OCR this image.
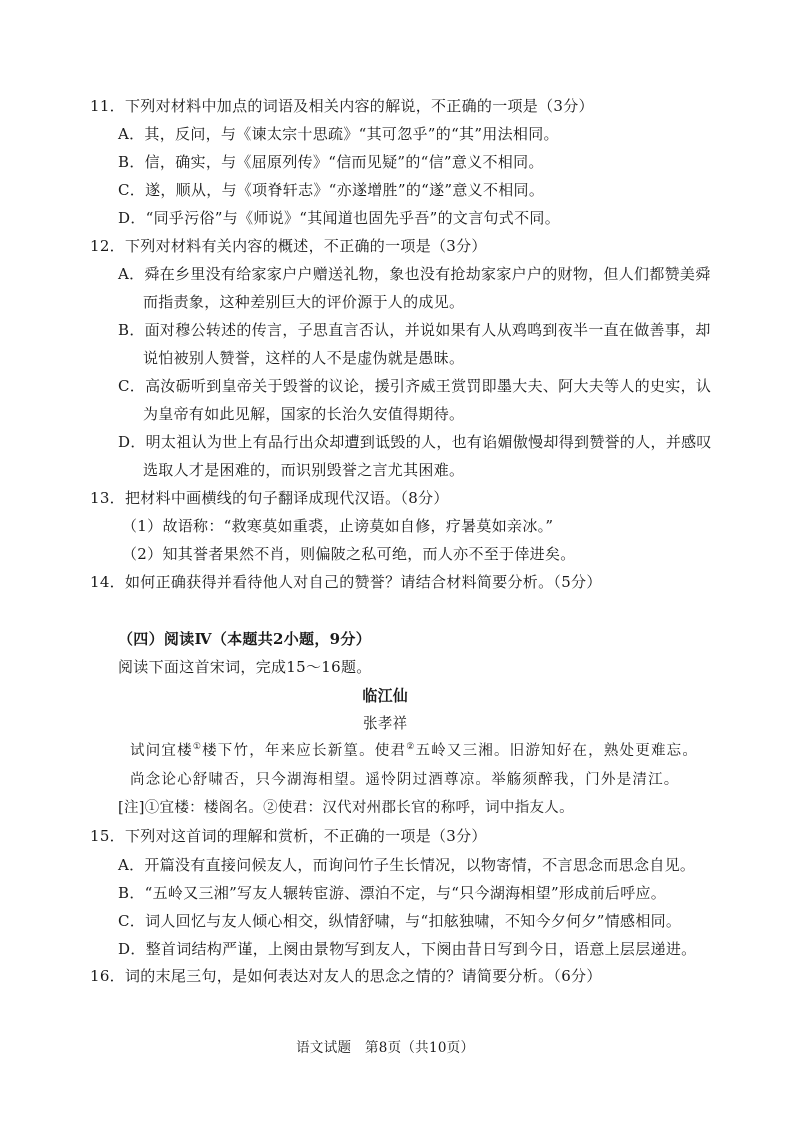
11．下列对材料中加点的词语及相关内容的解说，不正确的一项是（3分）
A．其，反问，与《谏太宗十思疏》“其可忽乎”的“其”用法相同。
B．信，确实，与《屈原列传》“信而见疑”的“信”意义不相同。
C．遂，顺从，与《项脊轩志》“亦遂增胜”的“遂”意义不相同。
D．“同乎污俗”与《师说》“其闻道也固先乎吾”的文言句式不同。
12．下列对材料有关内容的概述，不正确的一项是（3分）
A．舜在乡里没有给家家户户赠送礼物，象也没有抢劫家家户户的财物，但人们都赞美舜
而指责象，这种差别巨大的评价源于人的成见。
B．面对穆公转述的传言，子思直言否认，并说如果有人从鸡鸣到夜半一直在做善事，却
说怕被别人赞誉，这样的人不是虚伪就是愚昧。
C．高汝砺听到皇帝关于毁誉的议论，援引齐威王赏罚即墨大夫、阿大夫等人的史实，认
为皇帝有如此见解，国家的长治久安值得期待。
D．明太祖认为世上有品行出众却遭到诋毁的人，也有谄媚傲慢却得到赞誉的人，并感叹
选取人才是困难的，而识别毁誉之言尤其困难。
13．把材料中画横线的句子翻译成现代汉语。（8分）
（1）故语称：“救寒莫如重裘，止谤莫如自修，疗暑莫如亲冰。”
（2）知其誉者果然不肖，则偏陂之私可绝，而人亦不至于倖进矣。
14．如何正确获得并看待他人对自己的赞誉？请结合材料简要分析。（5分）
（四）阅读Ⅳ（本题共2小题，9分）
阅读下面这首宋词，完成15～16题。
临江仙
张孝祥
试问宜楼①楼下竹，年来应长新篁。使君②五岭又三湘。旧游知好在，熟处更难忘。
尚念论心舒啸否，只今湖海相望。遥怜阴过酒尊凉。举觞须醉我，门外是清江。
[注]①宜楼：楼阁名。②使君：汉代对州郡长官的称呼，词中指友人。
15．下列对这首词的理解和赏析，不正确的一项是（3分）
A．开篇没有直接问候友人，而询问竹子生长情况，以物寄情，不言思念而思念自见。
B．“五岭又三湘”写友人辗转宦游、漂泊不定，与“只今湖海相望”形成前后呼应。
C．词人回忆与友人倾心相交，纵情舒啸，与“扣舷独啸，不知今夕何夕”情感相同。
D．整首词结构严谨，上阕由景物写到友人，下阕由昔日写到今日，语意上层层递进。
16．词的末尾三句，是如何表达对友人的思念之情的？请简要分析。（6分）
语文试题　第8页（共10页）
